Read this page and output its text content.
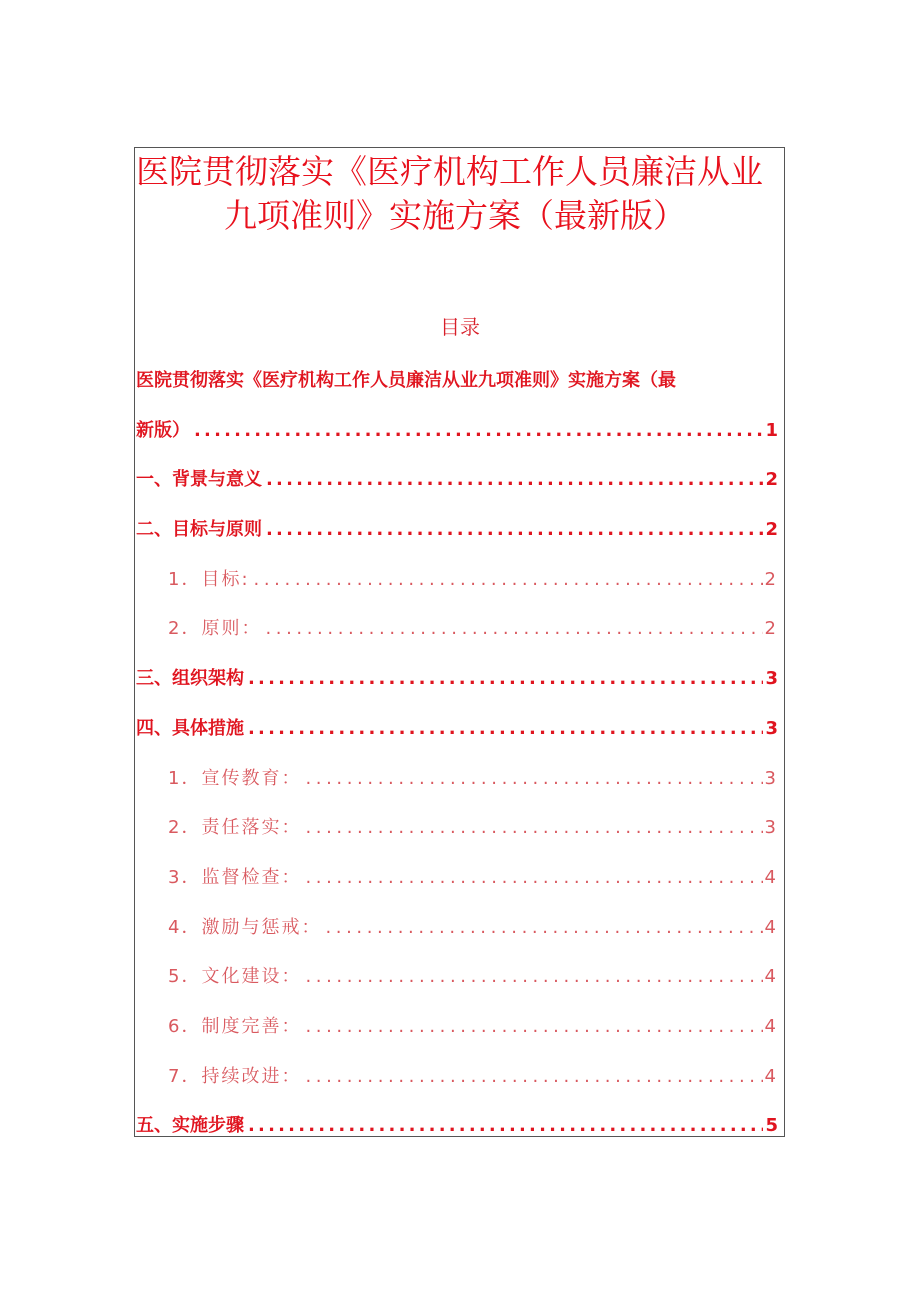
医院贯彻落实《医疗机构工作人员廉洁从业
九项准则》实施方案（最新版）
目录
医院贯彻落实《医疗机构工作人员廉洁从业九项准则》实施方案（最
新版） .....	1
一、背景与意义 .....	2
二、目标与原则 .....	2
1．目标: .....	2
2．原则： .....	2
三、组织架构 .....	3
四、具体措施 .....	3
1．宣传教育： .....	3
2．责任落实： .....	3
3．监督检查： .....	4
4．激励与惩戒： .....	4
5．文化建设： .....	4
6．制度完善： .....	4
7．持续改进： .....	4
五、实施步骤 .....	5
